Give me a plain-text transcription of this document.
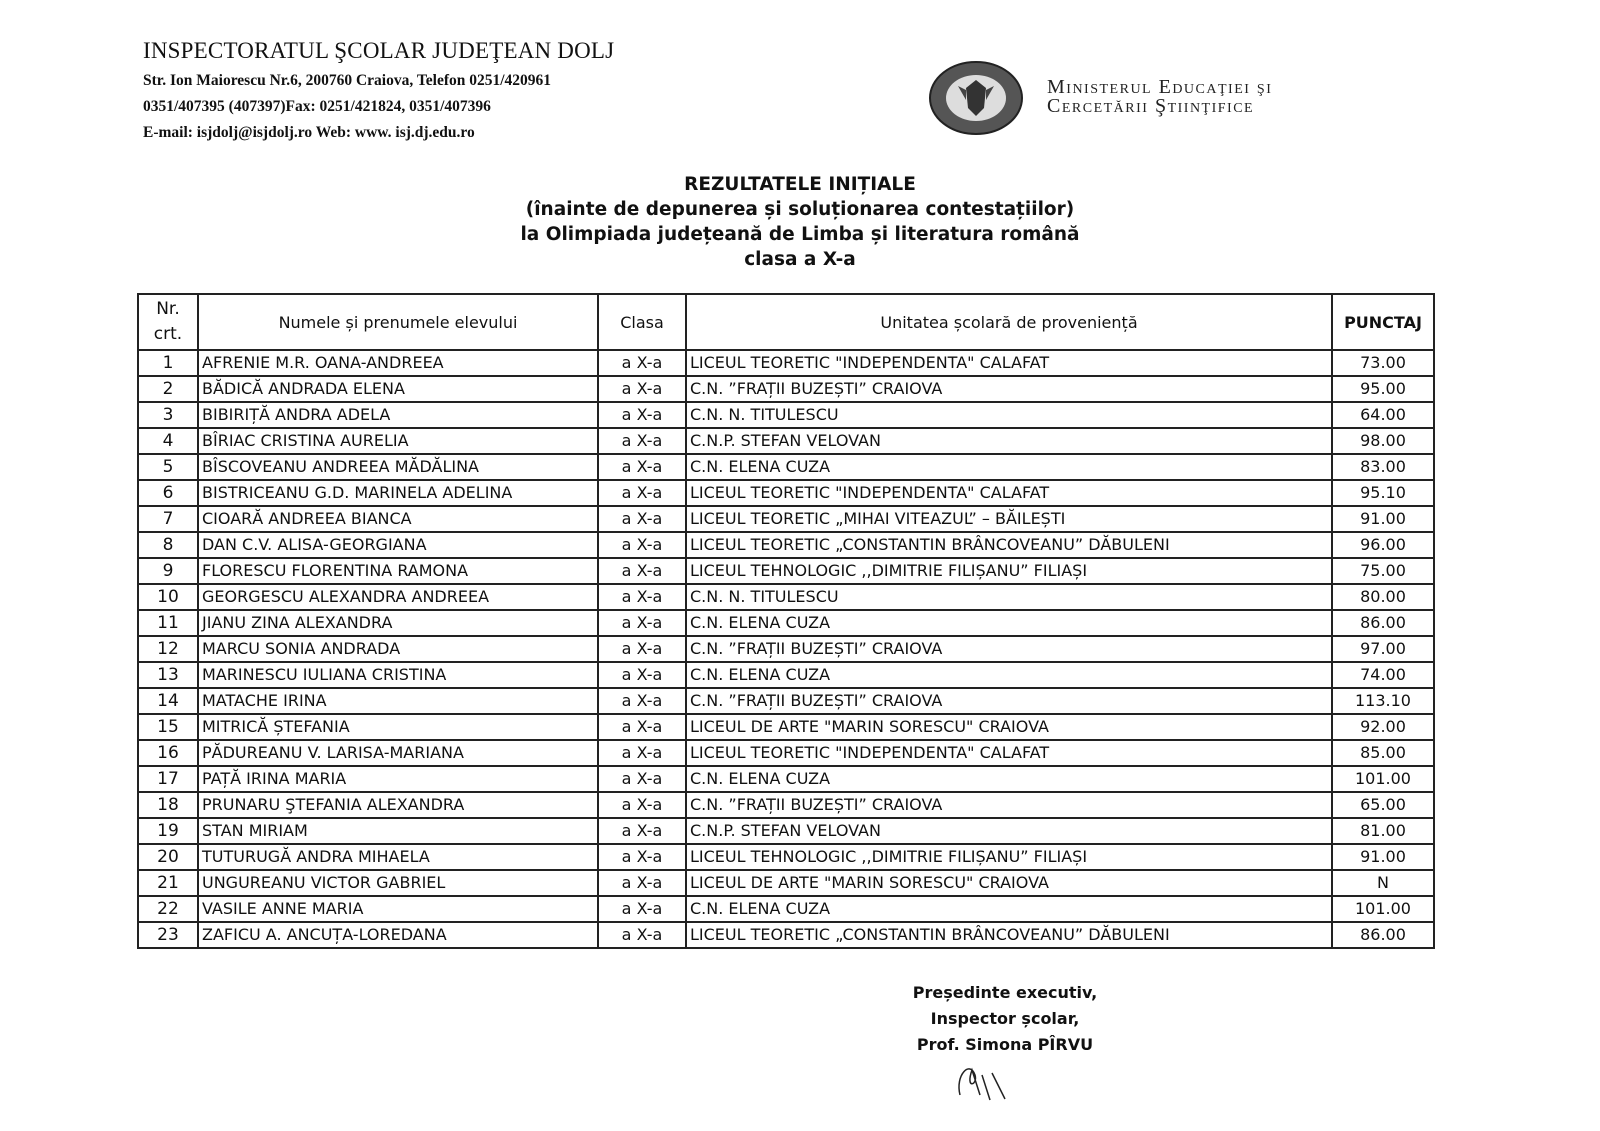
INSPECTORATUL ŞCOLAR JUDEŢEAN DOLJ
Str. Ion Maiorescu Nr.6, 200760 Craiova, Telefon 0251/420961
0351/407395 (407397)Fax: 0251/421824, 0351/407396
E-mail: isjdolj@isjdolj.ro Web: www. isj.dj.edu.ro
Ministerul Educaţiei şi
Cercetării Ştiinţifice
REZULTATELE INIȚIALE
(înainte de depunerea și soluționarea contestațiilor)
la Olimpiada județeană de Limba și literatura română
clasa a X-a
Nr.
crt.	Numele și prenumele elevului	Clasa	Unitatea școlară de proveniență	PUNCTAJ
1	AFRENIE M.R. OANA-ANDREEA	a X-a	LICEUL TEORETIC "INDEPENDENTA" CALAFAT	73.00
2	BĂDICĂ ANDRADA ELENA	a X-a	C.N. ”FRAȚII BUZEȘTI” CRAIOVA	95.00
3	BIBIRIȚĂ ANDRA ADELA	a X-a	C.N. N. TITULESCU	64.00
4	BÎRIAC CRISTINA AURELIA	a X-a	C.N.P. STEFAN VELOVAN	98.00
5	BÎSCOVEANU ANDREEA MĂDĂLINA	a X-a	C.N. ELENA CUZA	83.00
6	BISTRICEANU G.D. MARINELA ADELINA	a X-a	LICEUL TEORETIC "INDEPENDENTA" CALAFAT	95.10
7	CIOARĂ ANDREEA BIANCA	a X-a	LICEUL TEORETIC „MIHAI VITEAZUL” – BĂILEȘTI	91.00
8	DAN C.V. ALISA-GEORGIANA	a X-a	LICEUL TEORETIC „CONSTANTIN BRÂNCOVEANU” DĂBULENI	96.00
9	FLORESCU FLORENTINA RAMONA	a X-a	LICEUL TEHNOLOGIC ,,DIMITRIE FILIȘANU” FILIAȘI	75.00
10	GEORGESCU ALEXANDRA ANDREEA	a X-a	C.N. N. TITULESCU	80.00
11	JIANU ZINA ALEXANDRA	a X-a	C.N. ELENA CUZA	86.00
12	MARCU SONIA ANDRADA	a X-a	C.N. ”FRAȚII BUZEȘTI” CRAIOVA	97.00
13	MARINESCU IULIANA CRISTINA	a X-a	C.N. ELENA CUZA	74.00
14	MATACHE IRINA	a X-a	C.N. ”FRAȚII BUZEȘTI” CRAIOVA	113.10
15	MITRICĂ ȘTEFANIA	a X-a	LICEUL DE ARTE "MARIN SORESCU" CRAIOVA	92.00
16	PĂDUREANU V. LARISA-MARIANA	a X-a	LICEUL TEORETIC "INDEPENDENTA" CALAFAT	85.00
17	PAȚĂ IRINA MARIA	a X-a	C.N. ELENA CUZA	101.00
18	PRUNARU ŞTEFANIA ALEXANDRA	a X-a	C.N. ”FRAȚII BUZEȘTI” CRAIOVA	65.00
19	STAN MIRIAM	a X-a	C.N.P. STEFAN VELOVAN	81.00
20	TUTURUGĂ ANDRA MIHAELA	a X-a	LICEUL TEHNOLOGIC ,,DIMITRIE FILIȘANU” FILIAȘI	91.00
21	UNGUREANU VICTOR GABRIEL	a X-a	LICEUL DE ARTE "MARIN SORESCU" CRAIOVA	N
22	VASILE ANNE MARIA	a X-a	C.N. ELENA CUZA	101.00
23	ZAFICU A. ANCUȚA-LOREDANA	a X-a	LICEUL TEORETIC „CONSTANTIN BRÂNCOVEANU” DĂBULENI	86.00
Președinte executiv,
Inspector școlar,
Prof. Simona PÎRVU
